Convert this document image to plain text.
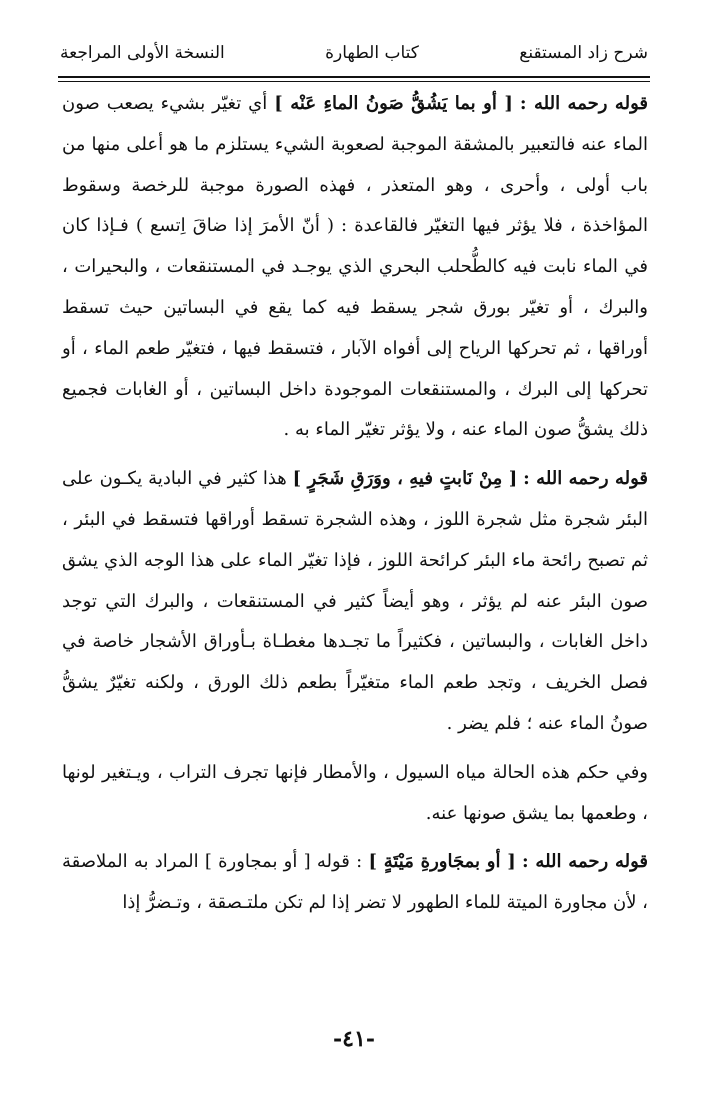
شرح زاد المستقنع
كتاب الطهارة
النسخة الأولى المراجعة

قوله رحمه الله : [ أو بما يَشُقُّ صَونُ الماءِ عَنْه ] أي تغيّر بشيء يصعب صون الماء عنه فالتعبير بالمشقة الموجبة لصعوبة الشيء يستلزم ما هو أعلى منها من باب أولى ، وأحرى ، وهو المتعذر ، فهذه الصورة موجبة للرخصة وسقوط المؤاخذة ، فلا يؤثر فيها التغيّر فالقاعدة : ( أنّ الأمرَ إذا ضاقَ اِتسع ) فـإذا كان في الماء نابت فيه كالطُّحلب البحري الذي يوجـد في المستنقعات ، والبحيرات ، والبرك ، أو تغيّر بورق شجر يسقط فيه كما يقع في البساتين حيث تسقط أوراقها ، ثم تحركها الرياح إلى أفواه الآبار ، فتسقط فيها ، فتغيّر طعم الماء ، أو تحركها إلى البرك ، والمستنقعات الموجودة داخل البساتين ، أو الغابات فجميع ذلك يشقُّ صون الماء عنه ، ولا يؤثر تغيّر الماء به .

قوله رحمه الله : [ مِنْ نَابتٍ فيهِ ، ووَرَقِ شَجَرٍ ] هذا كثير في البادية يكـون على البئر شجرة مثل شجرة اللوز ، وهذه الشجرة تسقط أوراقها فتسقط في البئر ، ثم تصبح رائحة ماء البئر كرائحة اللوز ، فإذا تغيّر الماء على هذا الوجه الذي يشق صون البئر عنه لم يؤثر ، وهو أيضاً كثير في المستنقعات ، والبرك التي توجد داخل الغابات ، والبساتين ، فكثيراً ما تجـدها مغطـاة بـأوراق الأشجار خاصة في فصل الخريف ، وتجد طعم الماء متغيّراً بطعم ذلك الورق ، ولكنه تغيّرٌ يشقُّ صونُ الماء عنه ؛ فلم يضر .

وفي حكم هذه الحالة مياه السيول ، والأمطار فإنها تجرف التراب ، ويـتغير لونها ، وطعمها بما يشق صونها عنه.

قوله رحمه الله : [ أو بمجَاورةِ مَيْتَةٍ ] : قوله [ أو بمجاورة ] المراد به الملاصقة ، لأن مجاورة الميتة للماء الطهور لا تضر إذا لم تكن ملتـصقة ، وتـضرُّ إذا

-٤١-
